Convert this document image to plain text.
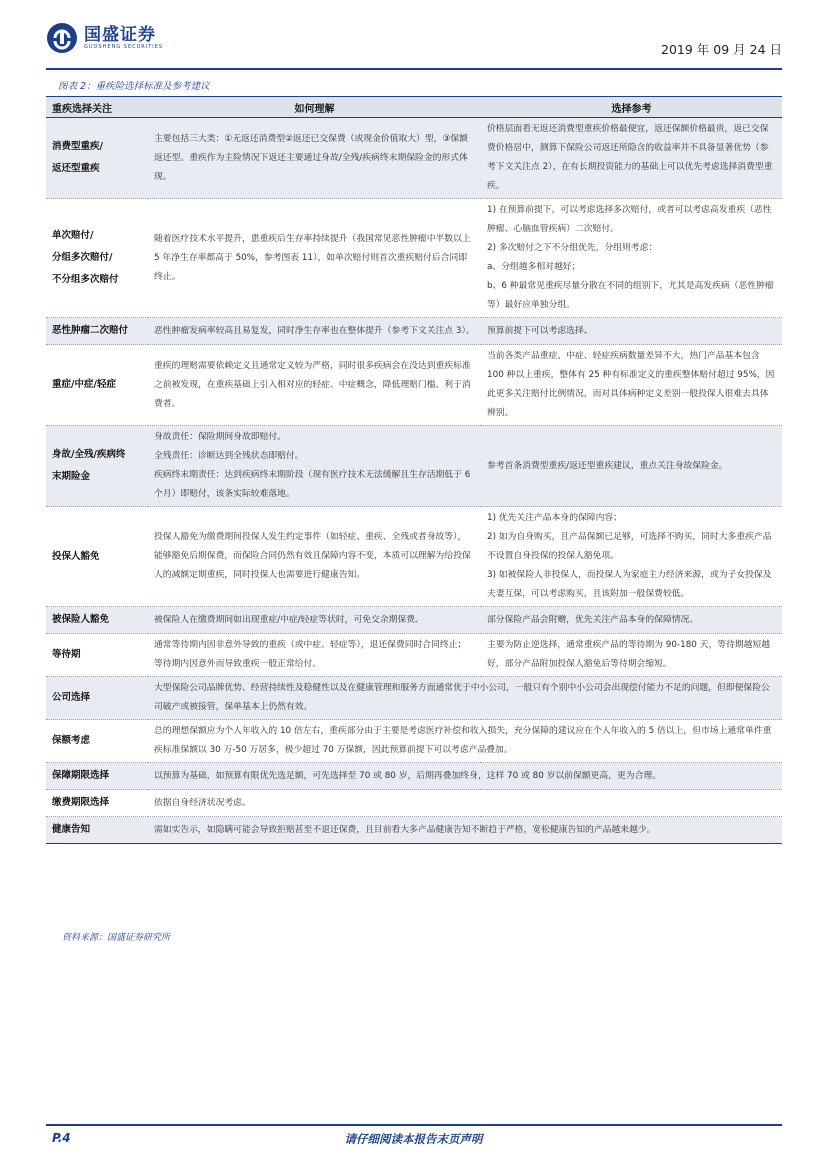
国盛证券
GUOSHENG SECURITIES	2019 年 09 月 24 日
图表 2：重疾险选择标准及参考建议
重疾选择关注	如何理解	选择参考

消费型重疾/
返还型重疾	主要包括三大类：①无返还消费型②返还已交保费（或现金价值取大）型，③保额返还型。重疾作为主险情况下返还主要通过身故/全残/疾病终末期保险金的形式体现。	价格层面看无返还消费型重疾价格最便宜，返还保额价格最贵，返已交保费价格居中，测算下保险公司返还所隐含的收益率并不具备显著优势（参考下文关注点 2），在有长期投资能力的基础上可以优先考虑选择消费型重疾。

单次赔付/
分组多次赔付/
不分组多次赔付	随着医疗技术水平提升，患重疾后生存率持续提升（我国常见恶性肿瘤中半数以上 5 年净生存率都高于 50%，参考图表 11），如单次赔付则首次重疾赔付后合同即终止。	1) 在预算前提下，可以考虑选择多次赔付，或者可以考虑高发重疾（恶性肿瘤、心脑血管疾病）二次赔付。
2) 多次赔付之下不分组优先，分组则考虑：
a、分组越多相对越好；
b、6 种最常见重疾尽量分散在不同的组别下，尤其是高发疾病（恶性肿瘤等）最好应单独分组。

恶性肿瘤二次赔付	恶性肿瘤发病率较高且易复发，同时净生存率也在整体提升（参考下文关注点 3）。	预算前提下可以考虑选择。

重症/中症/轻症	重疾的理赔需要依赖定义且通常定义较为严格，同时很多疾病会在没达到重疾标准之前被发现，在重疾基础上引入相对应的轻症、中症概念，降低理赔门槛、利于消费者。	当前各类产品重症、中症、轻症疾病数量差异不大，热门产品基本包含 100 种以上重疾，整体有 25 种有标准定义的重疾整体赔付超过 95%，因此更多关注赔付比例情况，而对具体病种定义差别一般投保人很难去具体辨别。

身故/全残/疾病终
末期险金	身故责任：保险期间身故即赔付。
全残责任：诊断达到全残状态即赔付。
疾病终末期责任：达到疾病终末期阶段（现有医疗技术无法缓解且生存活期低于 6 个月）即赔付，该条实际较难落地。	参考首条消费型重疾/返还型重疾建议，重点关注身故保险金。

投保人豁免	投保人豁免为缴费期间投保人发生约定事件（如轻症、重疾、全残或者身故等），能够豁免后期保费，而保险合同仍然有效且保障内容不变，本质可以理解为给投保人的减额定期重疾，同时投保人也需要进行健康告知。	1) 优先关注产品本身的保障内容；
2) 如为自身购买，且产品保额已足够，可选择不购买，同时大多重疾产品不设置自身投保的投保人豁免项。
3) 如被保险人非投保人，而投保人为家庭主力经济来源，或为子女投保及夫妻互保，可以考虑购买，且该附加一般保费较低。

被保险人豁免	被保险人在缴费期间如出现重症/中症/轻症等状时，可免交余期保费。	部分保险产品会附赠，优先关注产品本身的保障情况。

等待期	通常等待期内因非意外导致的重疾（或中症、轻症等），退还保费同时合同终止；等待期内因意外而导致重疾一般正常给付。	主要为防止逆选择，通常重疾产品的等待期为 90-180 天，等待期越短越好，部分产品附加投保人豁免后等待期会缩短。

公司选择	大型保险公司品牌优势、经营持续性及稳健性以及在健康管理和服务方面通常优于中小公司，一般只有个别中小公司会出现偿付能力不足的问题，但即便保险公司破产或被接管，保单基本上仍然有效。	

保额考虑	总的理想保额应为个人年收入的 10 倍左右，重疾部分由于主要是考虑医疗补偿和收入损失，充分保障的建议应在个人年收入的 5 倍以上，但市场上通常单件重疾标准保额以 30 万-50 万居多，极少超过 70 万保额，因此预算前提下可以考虑产品叠加。	

保障期限选择	以预算为基础，如预算有限优先选足额，可先选择至 70 或 80 岁，后期再叠加终身，这样 70 或 80 岁以前保额更高，更为合理。	

缴费期限选择	依据自身经济状况考虑。	

健康告知	需如实告示，如隐瞒可能会导致拒赔甚至不退还保费，且目前看大多产品健康告知不断趋于严格，宽松健康告知的产品越来越少。	
资料来源：国盛证券研究所
P.4	请仔细阅读本报告末页声明
